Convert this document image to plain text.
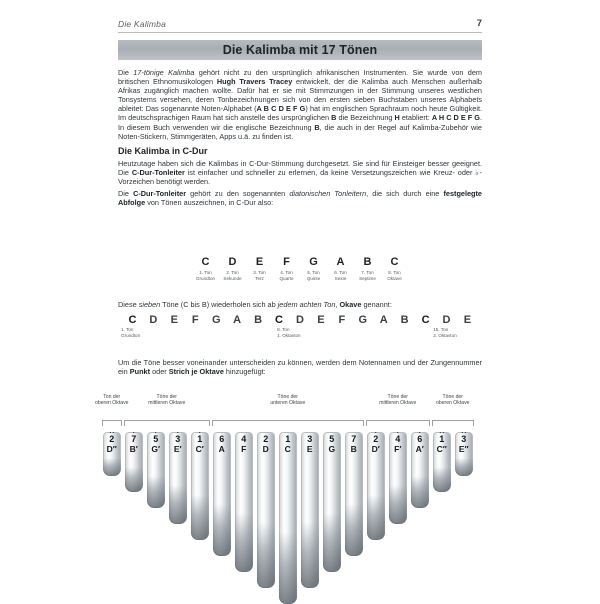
Die Kalimba	7
Die Kalimba mit 17 Tönen

Die 17-tönige Kalimba gehört nicht zu den ursprünglich afrikanischen Instrumenten. Sie wurde von dem britischen Ethnomusikologen Hugh Travers Tracey entwickelt, der die Kalimba auch Menschen außerhalb Afrikas zugänglich machen wollte. Dafür hat er sie mit Stimmzungen in der Stimmung unseres westlichen Tonsystems versehen, deren Tonbezeichnungen sich von den ersten sieben Buchstaben unseres Alphabets ableitet: Das sogenannte Noten-Alphabet (A B C D E F G) hat im englischen Sprachraum noch heute Gültigkeit. Im deutschsprachigen Raum hat sich anstelle des ursprünglichen B die Bezeichnung H etabliert: A H C D E F G. In diesem Buch verwenden wir die englische Bezeichnung B, die auch in der Regel auf Kalimba-Zubehör wie Noten-Stickern, Stimmgeräten, Apps u.ä. zu finden ist.

Die Kalimba in C-Dur

Heutzutage haben sich die Kalimbas in C-Dur-Stimmung durchgesetzt. Sie sind für Einsteiger besser geeignet. Die C-Dur-Tonleiter ist einfacher und schneller zu erlernen, da keine Versetzungszeichen wie Kreuz- oder ♭-Vorzeichen benötigt werden.

Die C-Dur-Tonleiter gehört zu den sogenannten diatonischen Tonleitern, die sich durch eine festgelegte Abfolge von Tönen auszeichnen, in C-Dur also:

C
1. Ton
Grundton
D
2. Ton
Sekunde
E
3. Ton
Terz
F
4. Ton
Quarte
G
5. Ton
Quinte
A
6. Ton
Sexte
B
7. Ton
Septime
C
8. Ton
Oktave

Diese sieben Töne (C bis B) wiederholen sich ab jedem achten Ton, Okave genannt:

C	D	E	F	G	A	B	C	D	E	F	G	A	B	C	D	E
1. Ton
Grundton
8. Ton
1. Oktavton
15. Ton
2. Oktavton

Um die Töne besser voneinander unterscheiden zu können, werden dem Notennamen und der Zungennummer ein Punkt oder Strich je Oktave hinzugefügt:

2
D″
7
B′
5
G′
3
E′
1
C′
6
A
4
F
2
D
1
C
3
E
5
G
7
B
2
D′
4
F′
6
A′
1
C″
3
E″
Ton der
oberen Oktave
Töne der
mittleren Oktave
Töne der
unteren Oktave
Töne der
mittleren Oktave
Töne der
oberen Oktave
